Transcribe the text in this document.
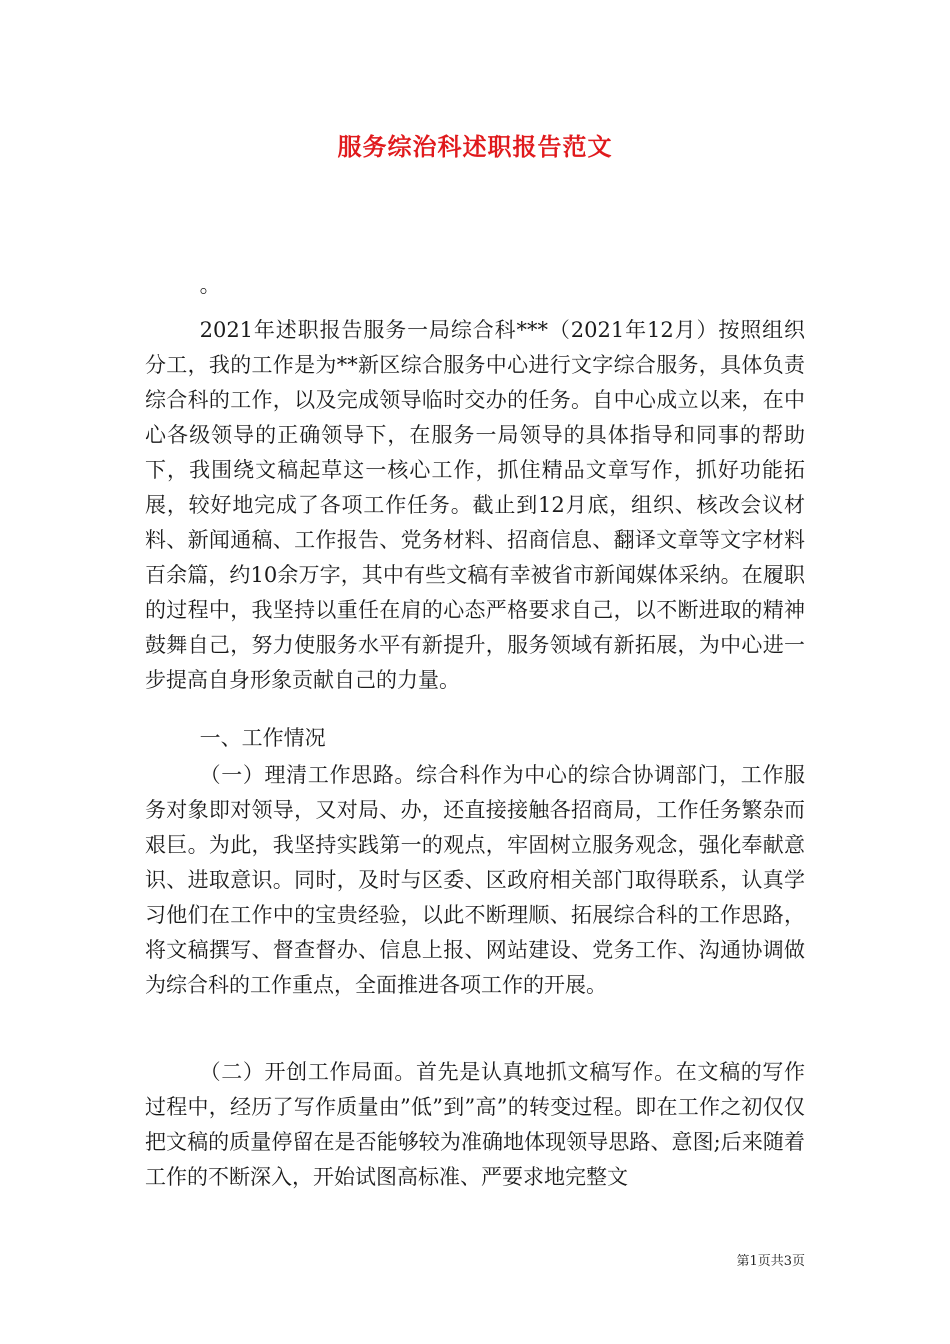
服务综治科述职报告范文

。

2021年述职报告服务一局综合科***（2021年12月）按照组织分工，我的工作是为**新区综合服务中心进行文字综合服务，具体负责综合科的工作，以及完成领导临时交办的任务。自中心成立以来，在中心各级领导的正确领导下，在服务一局领导的具体指导和同事的帮助下，我围绕文稿起草这一核心工作，抓住精品文章写作，抓好功能拓展，较好地完成了各项工作任务。截止到12月底，组织、核改会议材料、新闻通稿、工作报告、党务材料、招商信息、翻译文章等文字材料百余篇，约10余万字，其中有些文稿有幸被省市新闻媒体采纳。在履职的过程中，我坚持以重任在肩的心态严格要求自己，以不断进取的精神鼓舞自己，努力使服务水平有新提升，服务领域有新拓展，为中心进一步提高自身形象贡献自己的力量。

一、工作情况

（一）理清工作思路。综合科作为中心的综合协调部门，工作服务对象即对领导，又对局、办，还直接接触各招商局，工作任务繁杂而艰巨。为此，我坚持实践第一的观点，牢固树立服务观念，强化奉献意识、进取意识。同时，及时与区委、区政府相关部门取得联系，认真学习他们在工作中的宝贵经验，以此不断理顺、拓展综合科的工作思路，将文稿撰写、督查督办、信息上报、网站建设、党务工作、沟通协调做为综合科的工作重点，全面推进各项工作的开展。

（二）开创工作局面。首先是认真地抓文稿写作。在文稿的写作过程中，经历了写作质量由”低”到”高”的转变过程。即在工作之初仅仅把文稿的质量停留在是否能够较为准确地体现领导思路、意图;后来随着工作的不断深入，开始试图高标准、严要求地完整文

第1页共3页
